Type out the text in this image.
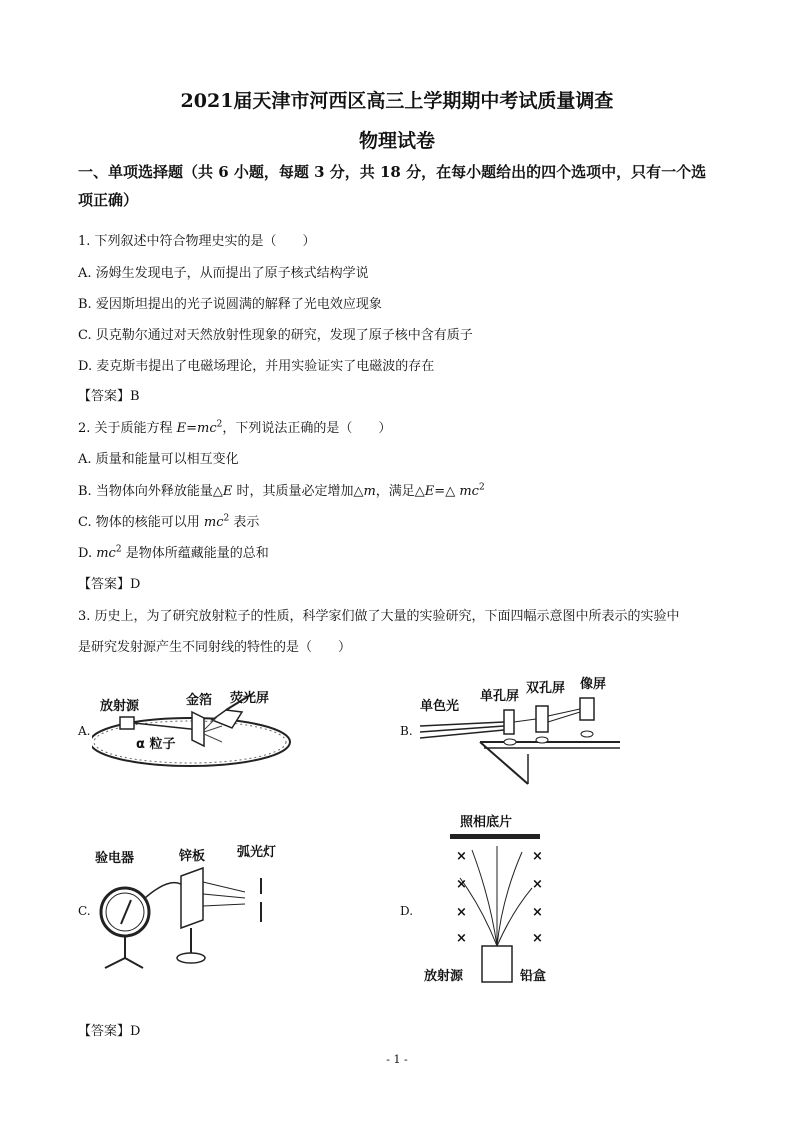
2021届天津市河西区高三上学期期中考试质量调查
物理试卷
一、单项选择题（共 6 小题，每题 3 分，共 18 分，在每小题给出的四个选项中，只有一个选
项正确）
1. 下列叙述中符合物理史实的是（　　）
A. 汤姆生发现电子，从而提出了原子核式结构学说
B. 爱因斯坦提出的光子说圆满的解释了光电效应现象
C. 贝克勒尔通过对天然放射性现象的研究，发现了原子核中含有质子
D. 麦克斯韦提出了电磁场理论，并用实验证实了电磁波的存在
【答案】B
2. 关于质能方程 $E=mc^2$，下列说法正确的是（　　）
A. 质量和能量可以相互变化
B. 当物体向外释放能量△E 时，其质量必定增加△m，满足△E=△ $mc^2$
C. 物体的核能可以用 $mc^2$ 表示
D. $mc^2$ 是物体所蕴藏能量的总和
【答案】D
3. 历史上，为了研究放射粒子的性质，科学家们做了大量的实验研究，下面四幅示意图中所表示的实验中
是研究发射源产生不同射线的特性的是（　　）
A.
放射源	金箔 荧光屏
α 粒子
B.
单色光
单孔屏
双孔屏 像屏
C.
验电器	锌板 弧光灯
D.
×
×
×
×
×
×
×
×
照相底片
放射源	铅盒
【答案】D
- 1 -
